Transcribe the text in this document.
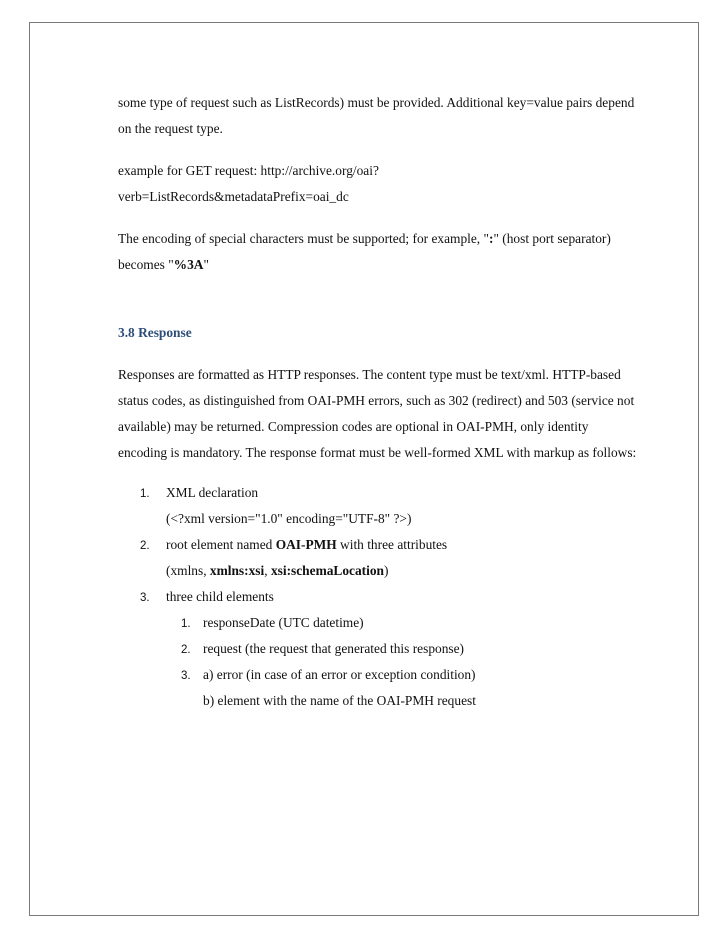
some type of request such as ListRecords) must be provided. Additional key=value pairs depend

on the request type.

example for GET request: http://archive.org/oai?

verb=ListRecords&metadataPrefix=oai_dc

The encoding of special characters must be supported; for example, ":" (host port separator)

becomes "%3A"

3.8 Response

Responses are formatted as HTTP responses. The content type must be text/xml. HTTP-based

status codes, as distinguished from OAI-PMH errors, such as 302 (redirect) and 503 (service not

available) may be returned. Compression codes are optional in OAI-PMH, only identity

encoding is mandatory. The response format must be well-formed XML with markup as follows:

1. XML declaration

(<?xml version="1.0" encoding="UTF-8" ?>)

2. root element named OAI-PMH with three attributes

(xmlns, xmlns:xsi, xsi:schemaLocation)

3. three child elements

1. responseDate (UTC datetime)

2. request (the request that generated this response)

3. a) error (in case of an error or exception condition)

b) element with the name of the OAI-PMH request
